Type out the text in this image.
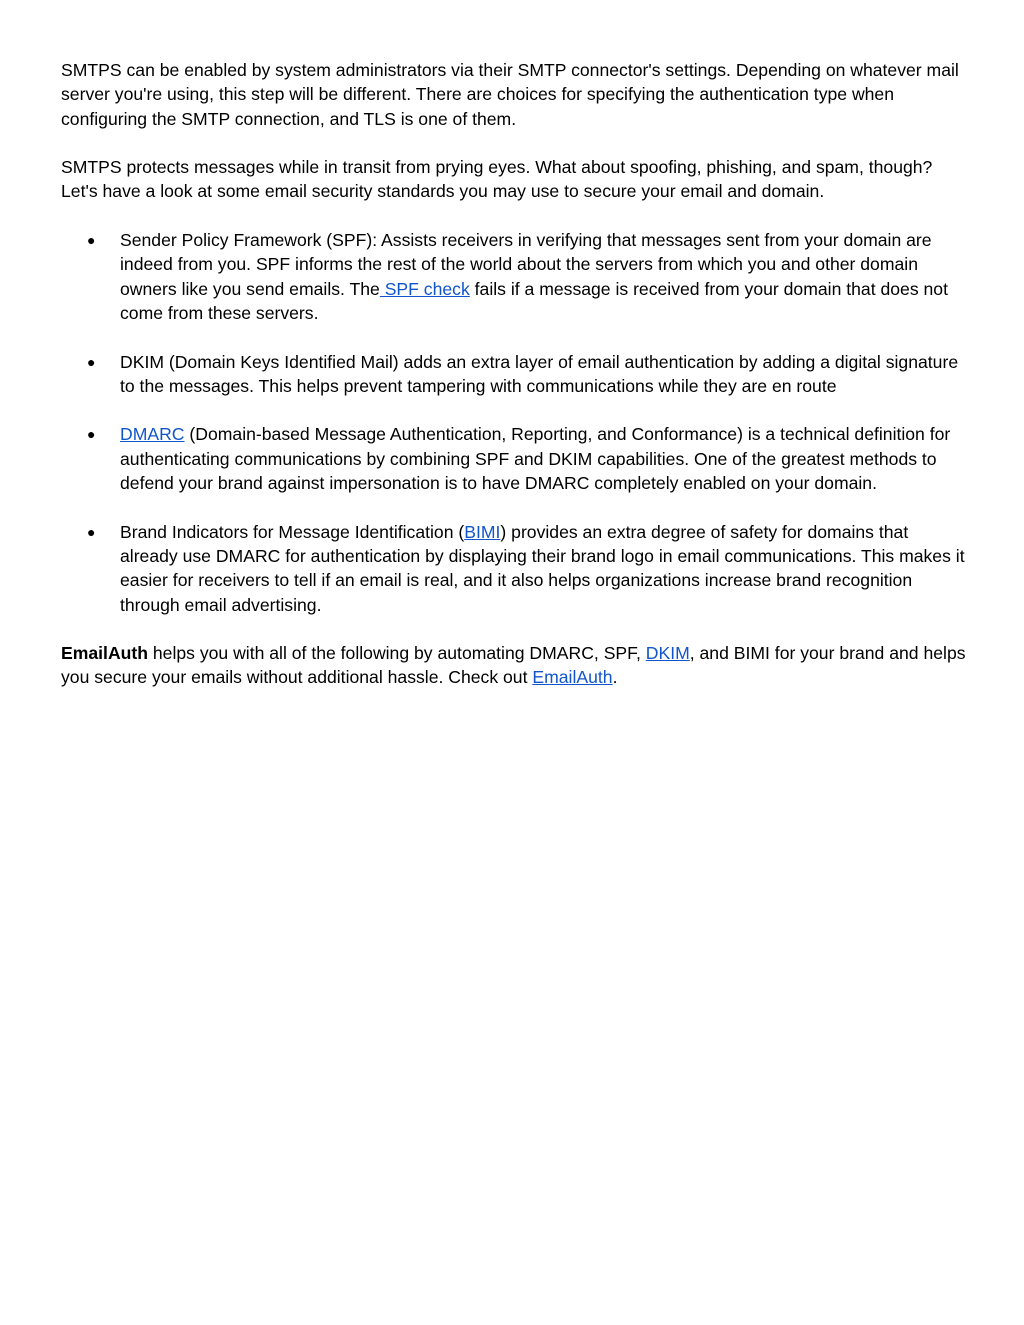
SMTPS can be enabled by system administrators via their SMTP connector's settings. Depending on whatever mail server you're using, this step will be different. There are choices for specifying the authentication type when configuring the SMTP connection, and TLS is one of them.

SMTPS protects messages while in transit from prying eyes. What about spoofing, phishing, and spam, though? Let's have a look at some email security standards you may use to secure your email and domain.

● Sender Policy Framework (SPF): Assists receivers in verifying that messages sent from your domain are indeed from you. SPF informs the rest of the world about the servers from which you and other domain owners like you send emails. The SPF check fails if a message is received from your domain that does not come from these servers.
● DKIM (Domain Keys Identified Mail) adds an extra layer of email authentication by adding a digital signature to the messages. This helps prevent tampering with communications while they are en route
● DMARC (Domain-based Message Authentication, Reporting, and Conformance) is a technical definition for authenticating communications by combining SPF and DKIM capabilities. One of the greatest methods to defend your brand against impersonation is to have DMARC completely enabled on your domain.
● Brand Indicators for Message Identification (BIMI) provides an extra degree of safety for domains that already use DMARC for authentication by displaying their brand logo in email communications. This makes it easier for receivers to tell if an email is real, and it also helps organizations increase brand recognition through email advertising.

EmailAuth helps you with all of the following by automating DMARC, SPF, DKIM, and BIMI for your brand and helps you secure your emails without additional hassle. Check out EmailAuth.
